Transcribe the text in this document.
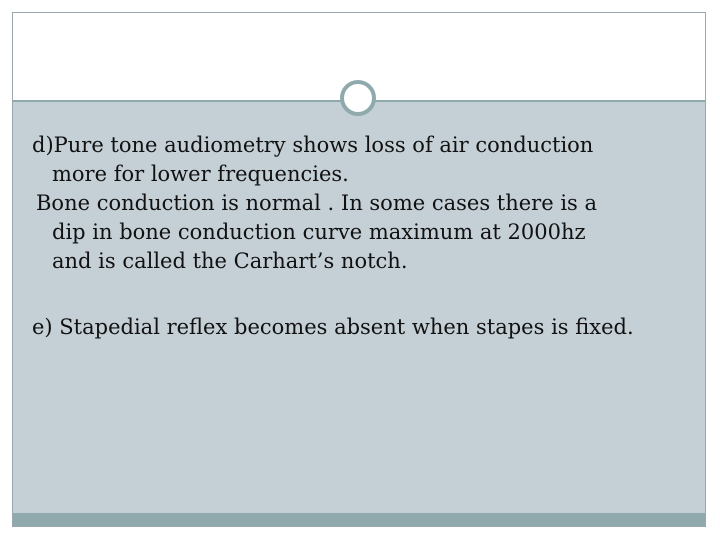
d)Pure tone audiometry shows loss of air conduction
more for lower frequencies.

Bone conduction is normal . In some cases there is a
dip in bone conduction curve maximum at 2000hz
and is called the Carhart’s notch.

e) Stapedial reflex becomes absent when stapes is fixed.
